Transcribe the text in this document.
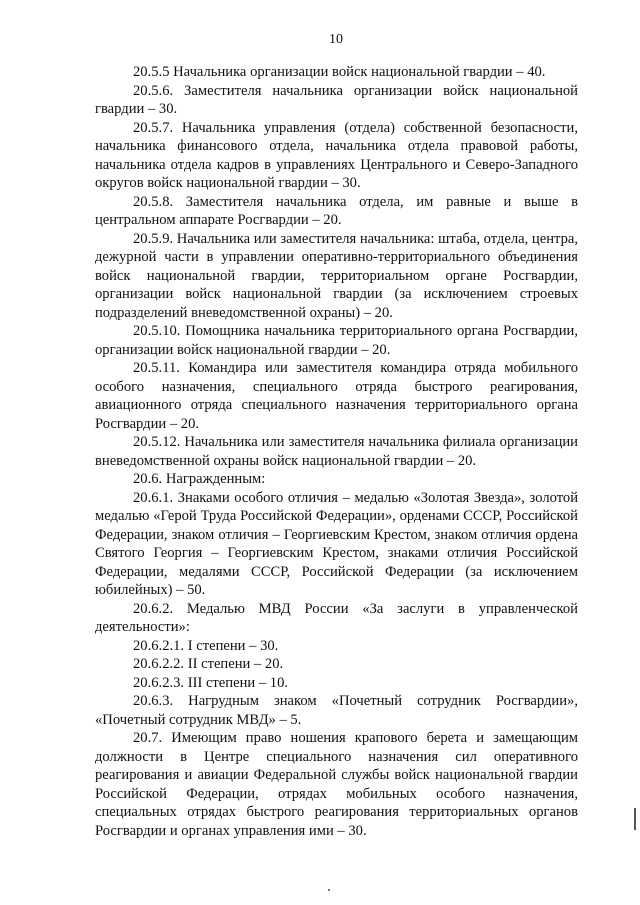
10

20.5.5 Начальника организации войск национальной гвардии – 40.

20.5.6. Заместителя начальника организации войск национальной гвардии – 30.

20.5.7. Начальника управления (отдела) собственной безопасности, начальника финансового отдела, начальника отдела правовой работы, начальника отдела кадров в управлениях Центрального и Северо-Западного округов войск национальной гвардии – 30.

20.5.8. Заместителя начальника отдела, им равные и выше в центральном аппарате Росгвардии – 20.

20.5.9. Начальника или заместителя начальника: штаба, отдела, центра, дежурной части в управлении оперативно-территориального объединения войск национальной гвардии, территориальном органе Росгвардии, организации войск национальной гвардии (за исключением строевых подразделений вневедомственной охраны) – 20.

20.5.10. Помощника начальника территориального органа Росгвардии, организации войск национальной гвардии – 20.

20.5.11. Командира или заместителя командира отряда мобильного особого назначения, специального отряда быстрого реагирования, авиационного отряда специального назначения территориального органа Росгвардии – 20.

20.5.12. Начальника или заместителя начальника филиала организации вневедомственной охраны войск национальной гвардии – 20.

20.6. Награжденным:

20.6.1. Знаками особого отличия – медалью «Золотая Звезда», золотой медалью «Герой Труда Российской Федерации», орденами СССР, Российской Федерации, знаком отличия – Георгиевским Крестом, знаком отличия ордена Святого Георгия – Георгиевским Крестом, знаками отличия Российской Федерации, медалями СССР, Российской Федерации (за исключением юбилейных) – 50.

20.6.2. Медалью МВД России «За заслуги в управленческой деятельности»:

20.6.2.1. I степени – 30.

20.6.2.2. II степени – 20.

20.6.2.3. III степени – 10.

20.6.3. Нагрудным знаком «Почетный сотрудник Росгвардии», «Почетный сотрудник МВД» – 5.

20.7. Имеющим право ношения крапового берета и замещающим должности в Центре специального назначения сил оперативного реагирования и авиации Федеральной службы войск национальной гвардии Российской Федерации, отрядах мобильных особого назначения, специальных отрядах быстрого реагирования территориальных органов Росгвардии и органах управления ими – 30.
